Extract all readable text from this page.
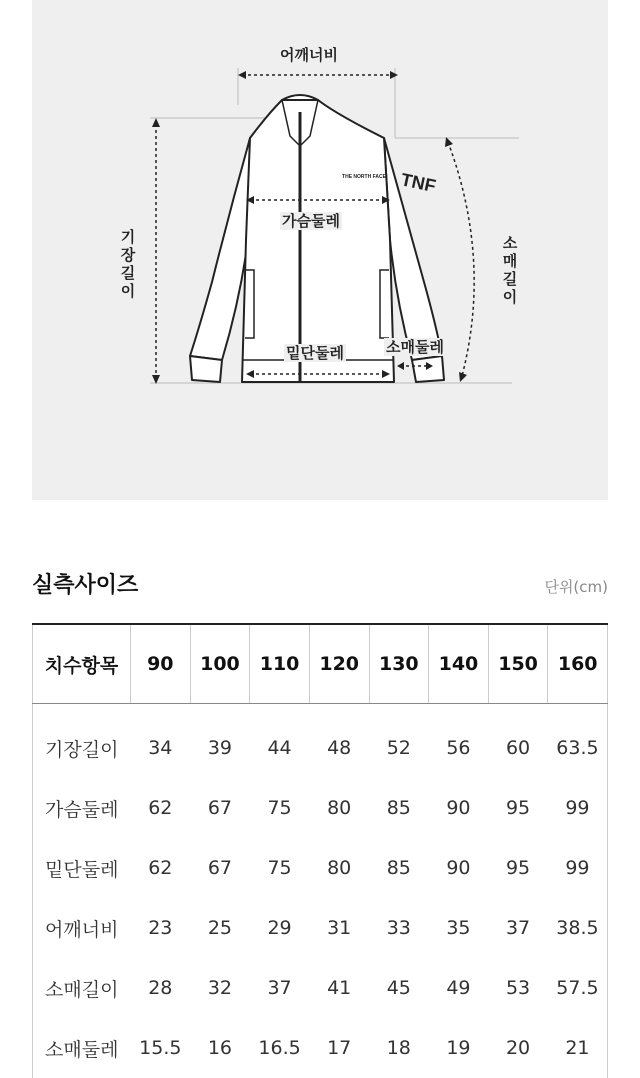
THE NORTH FACE TNF
어깨너비
가슴둘레
기장길이
소매길이
밑단둘레	소매둘레
실측사이즈	단위(cm)
치수항목	90	100	110	120	130	140	150	160
기장길이	34	39	44	48	52	56	60	63.5
가슴둘레	62	67	75	80	85	90	95	99
밑단둘레	62	67	75	80	85	90	95	99
어깨너비	23	25	29	31	33	35	37	38.5
소매길이	28	32	37	41	45	49	53	57.5
소매둘레	15.5	16	16.5	17	18	19	20	21
